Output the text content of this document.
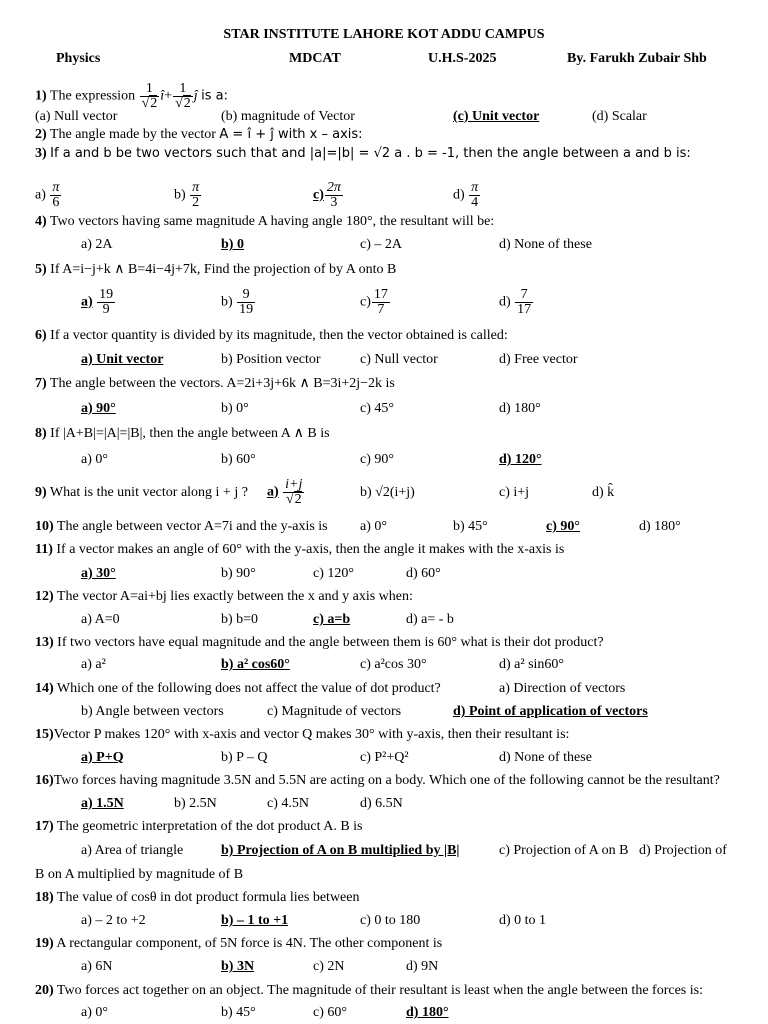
STAR INSTITUTE LAHORE KOT ADDU CAMPUS
Physics	MDCAT	U.H.S-2025	By. Farukh Zubair Shb
1) The expression $\frac{1}{√2}$ î+ $\frac{1}{√2}$ ĵ is a:
(a) Null vector	(b) magnitude of Vector	(c) Unit vector	(d) Scalar
2) The angle made by the vector A = î + ĵ with x – axis:
3) If a and b be two vectors such that and |a|=|b| = √2 a . b = -1, then the angle between a and b is:
$a) \frac{\pi}{6}$	$b) \frac{\pi}{2}$	$c) \frac{2\pi}{3}$	$d) \frac{\pi}{4}$
4) Two vectors having same magnitude A having angle 180°, the resultant will be:
a) 2A	b) 0	c) – 2A	d) None of these
5) If A=i−j+k ∧ B=4i−4j+7k, Find the projection of by A onto B
$a) \frac{19}{9}$	$b) \frac{9}{19}$	$c) \frac{17}{7}$	$d) \frac{7}{17}$
6) If a vector quantity is divided by its magnitude, then the vector obtained is called:
a) Unit vector	b) Position vector	c) Null vector	d) Free vector
7) The angle between the vectors. A=2i+3j+6k ∧ B=3i+2j−2k is
a) 90°	b) 0°	c) 45°	d) 180°
8) If |A+B|=|A|=|B|, then the angle between A ∧ B is
a) 0°	b) 60°	c) 90°	d) 120°
9) What is the unit vector along i + j ? $a) \frac{i+j}{√2}$	b) √2(i+j)	c) i+j	d) k̂
10) The angle between vector A=7i and the y-axis is a) 0°	b) 45°	c) 90°	d) 180°
11) If a vector makes an angle of 60° with the y-axis, then the angle it makes with the x-axis is
a) 30°	b) 90°	c) 120°	d) 60°
12) The vector A=ai+bj lies exactly between the x and y axis when:
a) A=0	b) b=0	c) a=b	d) a= - b
13) If two vectors have equal magnitude and the angle between them is 60° what is their dot product?
a) a²	b) a² cos60°	c) a²cos 30°	d) a² sin60°
14) Which one of the following does not affect the value of dot product?	a) Direction of vectors
b) Angle between vectors	c) Magnitude of vectors	d) Point of application of vectors
15)Vector P makes 120° with x-axis and vector Q makes 30° with y-axis, then their resultant is:
a) P+Q	b) P – Q	c) P²+Q²	d) None of these
16)Two forces having magnitude 3.5N and 5.5N are acting on a body. Which one of the following cannot be the resultant?
a) 1.5N	b) 2.5N	c) 4.5N	d) 6.5N
17) The geometric interpretation of the dot product A. B is
a) Area of triangle	b) Projection of A on B multiplied by |B|	c) Projection of A on B d) Projection of
B on A multiplied by magnitude of B
18) The value of cosθ in dot product formula lies between
a) – 2 to +2	b) – 1 to +1	c) 0 to 180	d) 0 to 1
19) A rectangular component, of 5N force is 4N. The other component is
a) 6N	b) 3N	c) 2N	d) 9N
20) Two forces act together on an object. The magnitude of their resultant is least when the angle between the forces is:
a) 0°	b) 45°	c) 60°	d) 180°
